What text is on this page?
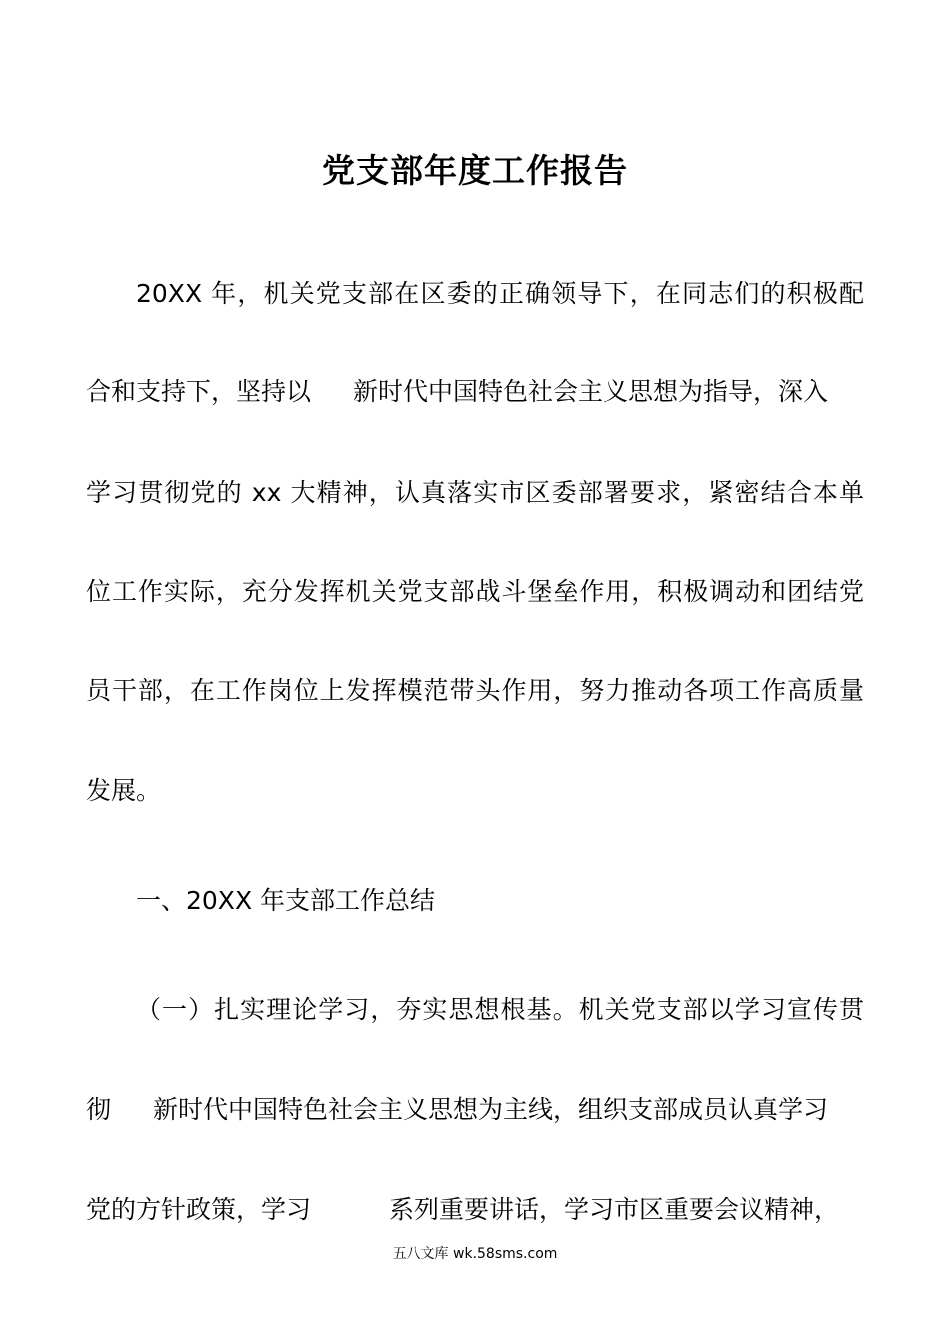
党支部年度工作报告
20XX 年，机关党支部在区委的正确领导下，在同志们的积极配
合和支持下，坚持以 新时代中国特色社会主义思想为指导，深入
学习贯彻党的 xx 大精神，认真落实市区委部署要求，紧密结合本单
位工作实际，充分发挥机关党支部战斗堡垒作用，积极调动和团结党
员干部，在工作岗位上发挥模范带头作用，努力推动各项工作高质量
发展。
一、20XX 年支部工作总结
（一）扎实理论学习，夯实思想根基。机关党支部以学习宣传贯
彻 新时代中国特色社会主义思想为主线，组织支部成员认真学习
党的方针政策，学习	系列重要讲话，学习市区重要会议精神，
五八文库 wk.58sms.com
